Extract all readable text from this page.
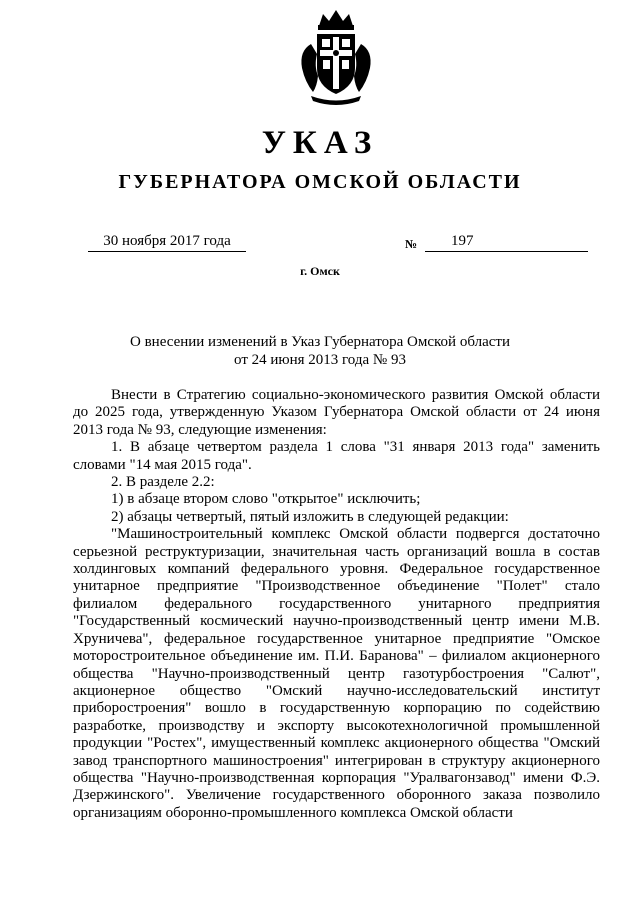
УКАЗ
ГУБЕРНАТОРА ОМСКОЙ ОБЛАСТИ
30 ноября 2017 года	№	197
г. Омск
О внесении изменений в Указ Губернатора Омской области
от 24 июня 2013 года № 93

Внести в Стратегию социально-экономического развития Омской области до 2025 года, утвержденную Указом Губернатора Омской области от 24 июня 2013 года № 93, следующие изменения:

1. В абзаце четвертом раздела 1 слова "31 января 2013 года" заменить словами "14 мая 2015 года".

2. В разделе 2.2:

1) в абзаце втором слово "открытое" исключить;

2) абзацы четвертый, пятый изложить в следующей редакции:

"Машиностроительный комплекс Омской области подвергся достаточно серьезной реструктуризации, значительная часть организаций вошла в состав холдинговых компаний федерального уровня. Федеральное государственное унитарное предприятие "Производственное объединение "Полет" стало филиалом федерального государственного унитарного предприятия "Государственный космический научно-производственный центр имени М.В. Хруничева", федеральное государственное унитарное предприятие "Омское моторостроительное объединение им. П.И. Баранова" – филиалом акционерного общества "Научно-производственный центр газотурбостроения "Салют", акционерное общество "Омский научно-исследовательский институт приборостроения" вошло в государственную корпорацию по содействию разработке, производству и экспорту высокотехнологичной промышленной продукции "Ростех", имущественный комплекс акционерного общества "Омский завод транспортного машиностроения" интегрирован в структуру акционерного общества "Научно-производственная корпорация "Уралвагонзавод" имени Ф.Э. Дзержинского". Увеличение государственного оборонного заказа позволило организациям оборонно-промышленного комплекса Омской области
